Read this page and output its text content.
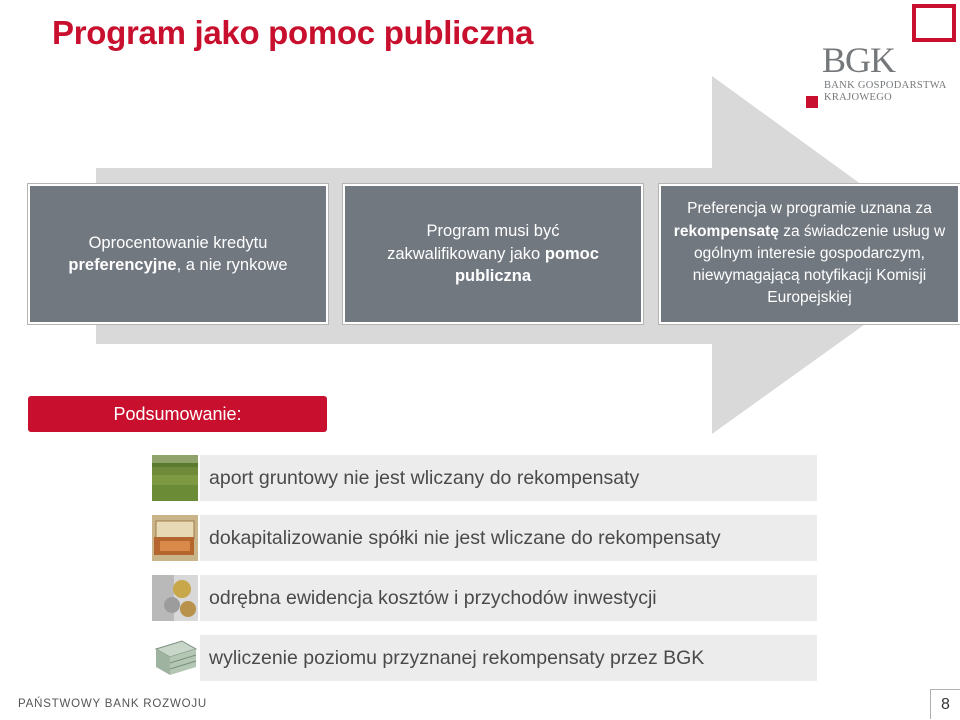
Program jako pomoc publiczna
BGK
BANK GOSPODARSTWA
KRAJOWEGO
Oprocentowanie kredytu preferencyjne, a nie rynkowe
Program musi być zakwalifikowany jako pomoc publiczna
Preferencja w programie uznana za rekompensatę za świadczenie usług w ogólnym interesie gospodarczym, niewymagającą notyfikacji Komisji Europejskiej
Podsumowanie:
aport gruntowy nie jest wliczany do rekompensaty
dokapitalizowanie spółki nie jest wliczane do rekompensaty
odrębna ewidencja kosztów i przychodów inwestycji
wyliczenie poziomu przyznanej rekompensaty przez BGK
PAŃSTWOWY BANK ROZWOJU	8
